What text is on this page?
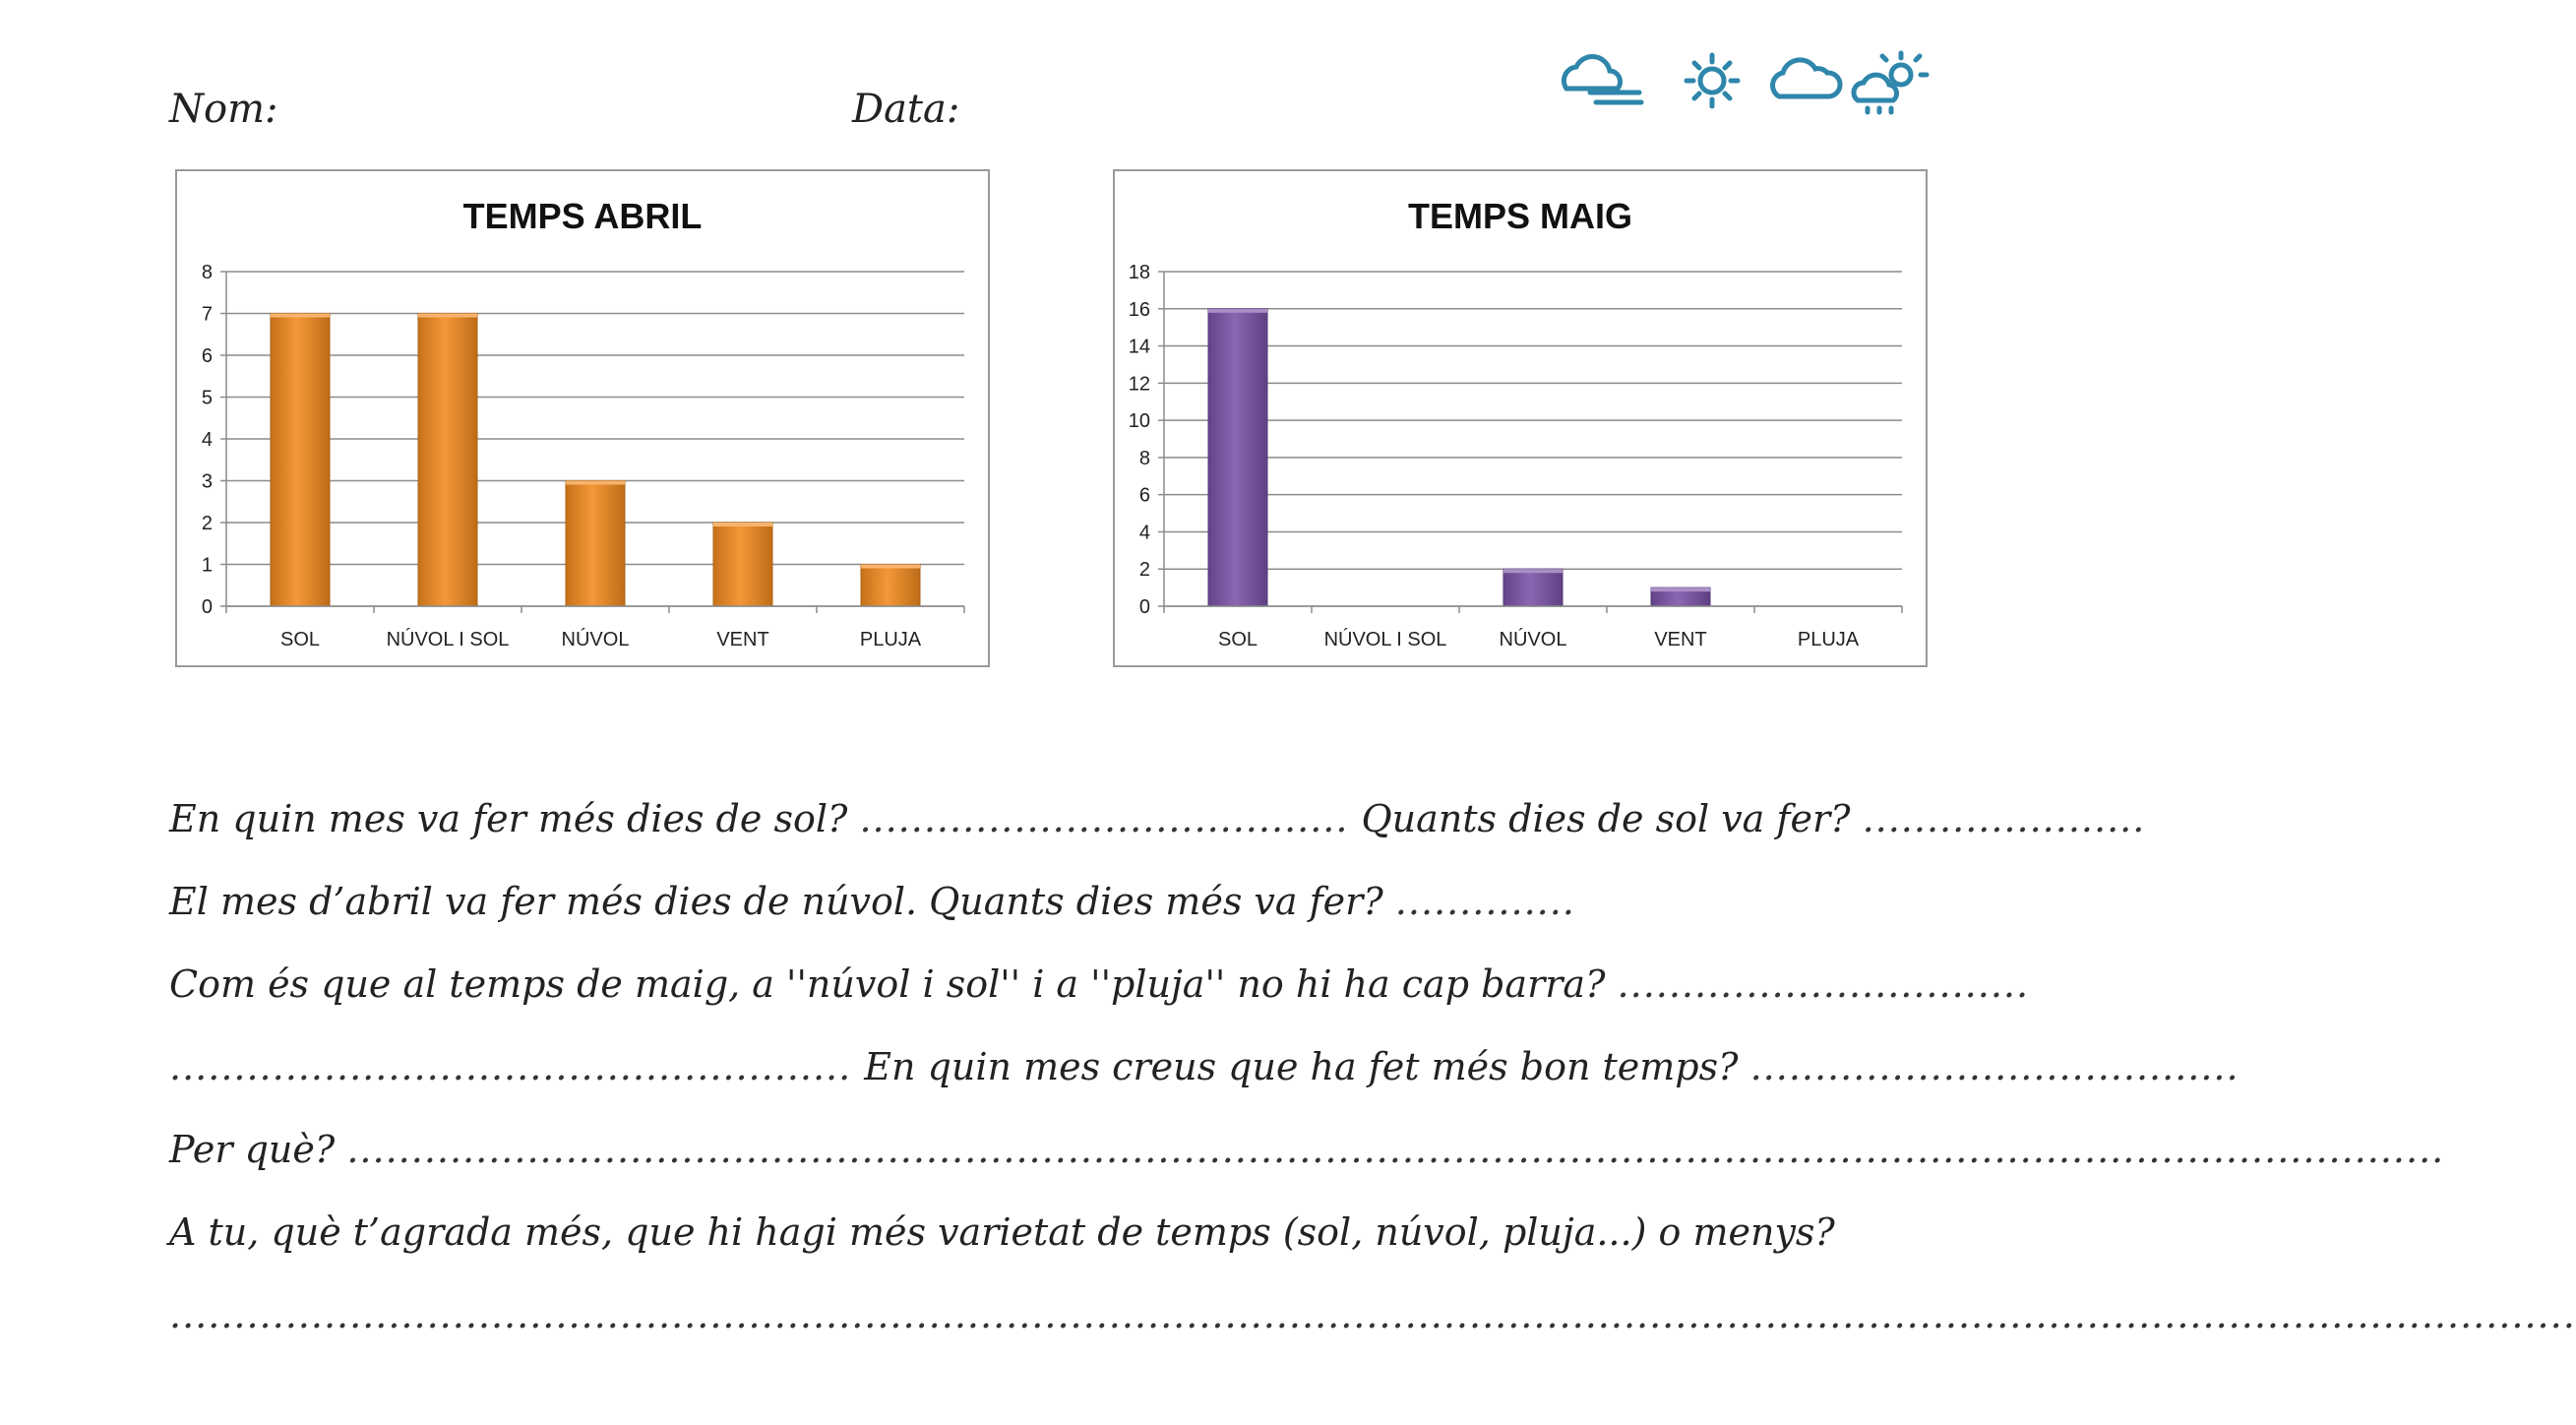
Nom:	Data:
TEMPS ABRIL
0
1
2
3
4
5
6
7
8
SOL	NÚVOL I SOL	NÚVOL	VENT	PLUJA
TEMPS MAIG
0
2
4
6
8
10
12
14
16
18
SOL	NÚVOL I SOL	NÚVOL	VENT	PLUJA
En quin mes va fer més dies de sol? ...................................... Quants dies de sol va fer? ......................
El mes d’abril va fer més dies de núvol. Quants dies més va fer? ..............
Com és que al temps de maig, a ''núvol i sol'' i a ''pluja'' no hi ha cap barra? ................................
..................................................... En quin mes creus que ha fet més bon temps? ......................................
Per què? ...................................................................................................................................................................
A tu, què t’agrada més, que hi hagi més varietat de temps (sol, núvol, pluja...) o menys?
...........................................................................................................................................................................................
